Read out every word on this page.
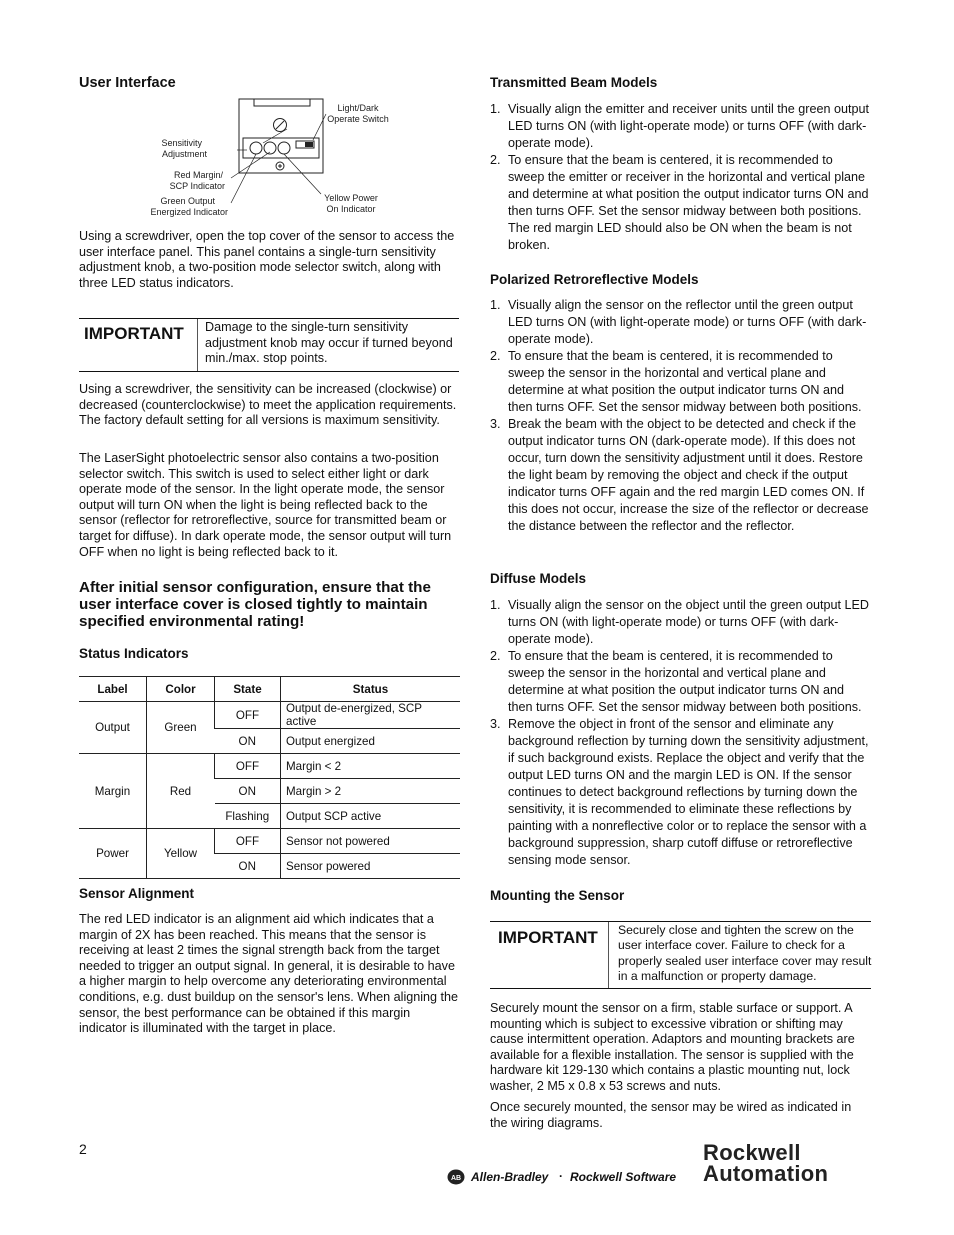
User Interface
Light/Dark
Operate Switch
Sensitivity
Adjustment
Red Margin/
SCP Indicator
Green Output
Energized Indicator
Yellow Power
On Indicator

Using a screwdriver, open the top cover of the sensor to access the user interface panel. This panel contains a single-turn sensitivity adjustment knob, a two-position mode selector switch, along with three LED status indicators.

IMPORTANT Damage to the single-turn sensitivity adjustment knob may occur if turned beyond min./max. stop points.

Using a screwdriver, the sensitivity can be increased (clockwise) or decreased (counterclockwise) to meet the application requirements. The factory default setting for all versions is maximum sensitivity.

The LaserSight photoelectric sensor also contains a two-position selector switch. This switch is used to select either light or dark operate mode of the sensor. In the light operate mode, the sensor output will turn ON when the light is being reflected back to the sensor (reflector for retroreflective, source for transmitted beam or target for diffuse). In dark operate mode, the sensor output will turn OFF when no light is being reflected back to it.

After initial sensor configuration, ensure that the user interface cover is closed tightly to maintain specified environmental rating!
Status Indicators
Label	Color	State	Status
Output	Green	OFF	Output de-energized, SCP active
		ON	Output energized
Margin	Red	OFF	Margin < 2
		ON	Margin > 2
		Flashing	Output SCP active
Power	Yellow	OFF	Sensor not powered
		ON	Sensor powered
Sensor Alignment

The red LED indicator is an alignment aid which indicates that a margin of 2X has been reached. This means that the sensor is receiving at least 2 times the signal strength back from the target needed to trigger an output signal. In general, it is desirable to have a higher margin to help overcome any deteriorating environmental conditions, e.g. dust buildup on the sensor's lens. When aligning the sensor, the best performance can be obtained if this margin indicator is illuminated with the target in place.

Transmitted Beam Models
1. Visually align the emitter and receiver units until the green output LED turns ON (with light-operate mode) or turns OFF (with dark-operate mode).
2. To ensure that the beam is centered, it is recommended to sweep the emitter or receiver in the horizontal and vertical plane and determine at what position the output indicator turns ON and then turns OFF. Set the sensor midway between both positions. The red margin LED should also be ON when the beam is not broken.
Polarized Retroreflective Models
1. Visually align the sensor on the reflector until the green output LED turns ON (with light-operate mode) or turns OFF (with dark-operate mode).
2. To ensure that the beam is centered, it is recommended to sweep the sensor in the horizontal and vertical plane and determine at what position the output indicator turns ON and then turns OFF. Set the sensor midway between both positions.
3. Break the beam with the object to be detected and check if the output indicator turns ON (dark-operate mode). If this does not occur, turn down the sensitivity adjustment until it does. Restore the light beam by removing the object and check if the output indicator turns OFF again and the red margin LED comes ON. If this does not occur, increase the size of the reflector or decrease the distance between the reflector and the reflector.
Diffuse Models
1. Visually align the sensor on the object until the green output LED turns ON (with light-operate mode) or turns OFF (with dark-operate mode).
2. To ensure that the beam is centered, it is recommended to sweep the sensor in the horizontal and vertical plane and determine at what position the output indicator turns ON and then turns OFF. Set the sensor midway between both positions.
3. Remove the object in front of the sensor and eliminate any background reflection by turning down the sensitivity adjustment, if such background exists. Replace the object and verify that the output LED turns ON and the margin LED is ON. If the sensor continues to detect background reflections by turning down the sensitivity, it is recommended to eliminate these reflections by painting with a nonreflective color or to replace the sensor with a background suppression, sharp cutoff diffuse or retroreflective sensing mode sensor.
Mounting the Sensor
IMPORTANT Securely close and tighten the screw on the user interface cover. Failure to check for a properly sealed user interface cover may result in a malfunction or property damage.

Securely mount the sensor on a firm, stable surface or support. A mounting which is subject to excessive vibration or shifting may cause intermittent operation. Adaptors and mounting brackets are available for a flexible installation. The sensor is supplied with the hardware kit 129-130 which contains a plastic mounting nut, lock washer, 2 M5 x 0.8 x 53 screws and nuts.

Once securely mounted, the sensor may be wired as indicated in the wiring diagrams.

2
AB Allen-Bradley · Rockwell Software
Rockwell
Automation
